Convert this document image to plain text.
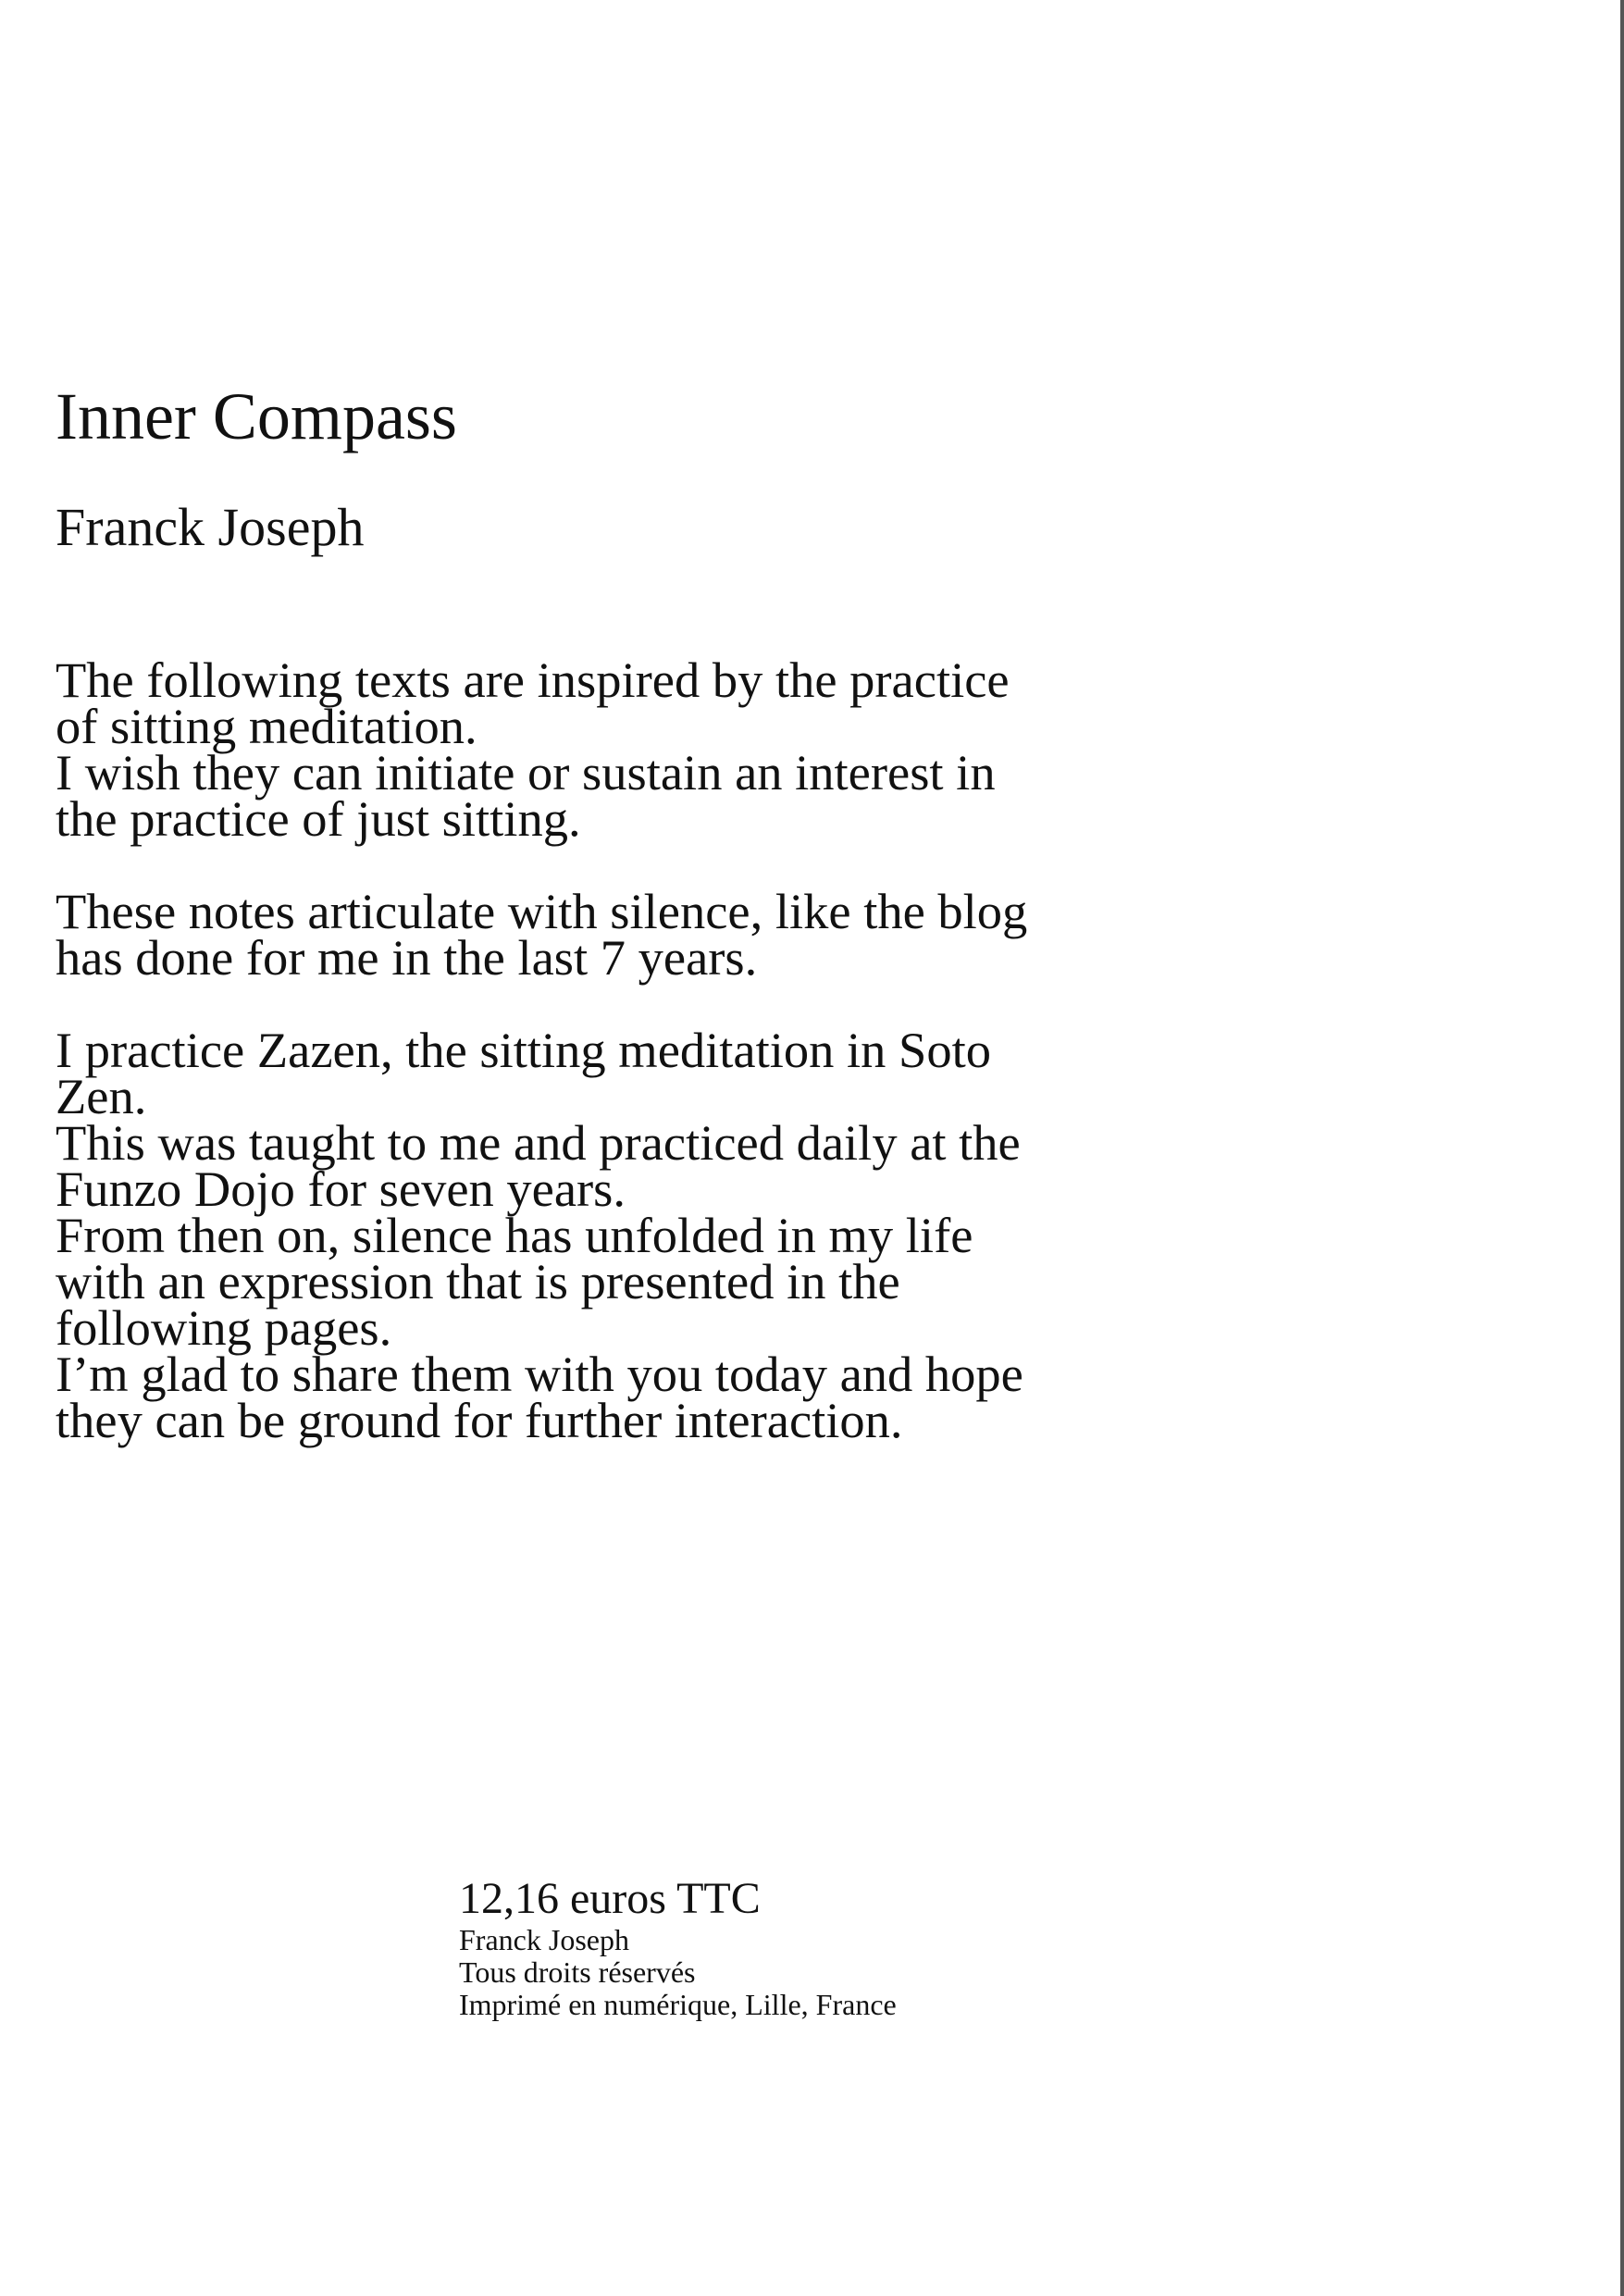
Inner Compass
Franck Joseph

The following texts are inspired by the practice
of sitting meditation.
I wish they can initiate or sustain an interest in
the practice of just sitting.

These notes articulate with silence, like the blog
has done for me in the last 7 years.

I practice Zazen, the sitting meditation in Soto
Zen.
This was taught to me and practiced daily at the
Funzo Dojo for seven years.
From then on, silence has unfolded in my life
with an expression that is presented in the
following pages.
I’m glad to share them with you today and hope
they can be ground for further interaction.

12,16 euros TTC
Franck Joseph
Tous droits réservés
Imprimé en numérique, Lille, France
